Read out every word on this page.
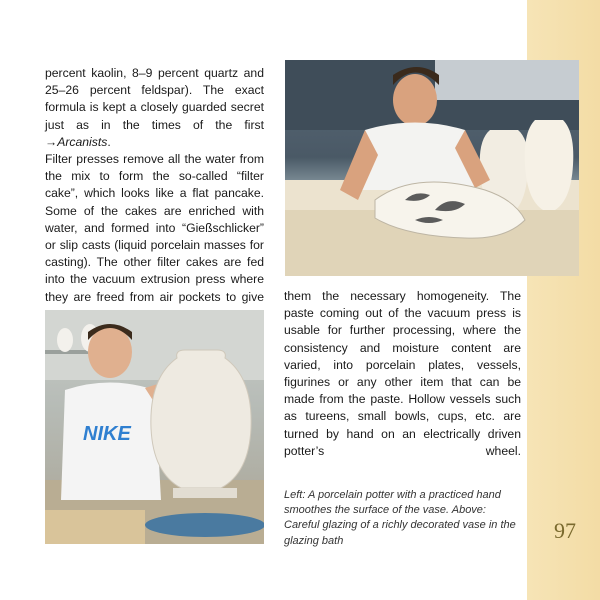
percent kaolin, 8–9 percent quartz and 25–26 percent feldspar). The exact formula is kept a closely guarded secret just as in the times of the first →Arcanists.

Filter presses remove all the water from the mix to form the so-called “filter cake”, which looks like a flat pancake. Some of the cakes are enriched with water, and formed into “Gießschlicker” or slip casts (liquid porcelain masses for casting). The other filter cakes are fed into the vacuum extrusion press where they are freed from air pockets to give

NIKE

them the necessary homogeneity. The paste coming out of the vacuum press is usable for further processing, where the consistency and moisture content are varied, into porcelain plates, vessels, figurines or any other item that can be made from the paste. Hollow vessels such as tureens, small bowls, cups, etc. are turned by hand on an electrically driven potter’s wheel.

Left: A porcelain potter with a practiced hand smoothes the surface of the vase. Above: Careful glazing of a richly decorated vase in the glazing bath	97
